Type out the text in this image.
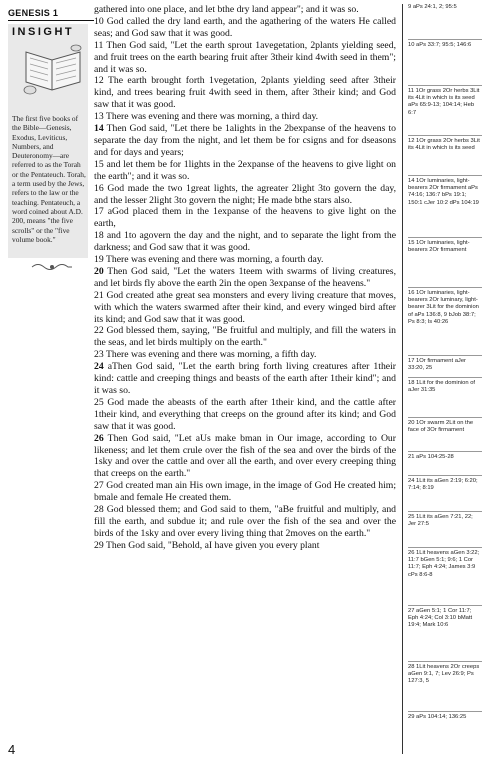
GENESIS 1
INSIGHT
The first five books of the Bible—Genesis, Exodus, Leviticus, Numbers, and Deuteronomy—are referred to as the Torah or the Pentateuch. Torah, a term used by the Jews, refers to the law or the teaching. Pentateuch, a word coined about A.D. 200, means "the five scrolls" or the "five volume book."

gathered into one place, and let bthe dry land appear"; and it was so.

10 God called the dry land earth, and the agathering of the waters He called seas; and God saw that it was good.

11 Then God said, "Let the earth sprout 1avegetation, 2plants yielding seed, and fruit trees on the earth bearing fruit after 3their kind 4with seed in them"; and it was so.

12 The earth brought forth 1vegetation, 2plants yielding seed after 3their kind, and trees bearing fruit 4with seed in them, after 3their kind; and God saw that it was good.

13 There was evening and there was morning, a third day.

14 Then God said, "Let there be 1alights in the 2bexpanse of the heavens to separate the day from the night, and let them be for csigns and for dseasons and for days and years;

15 and let them be for 1lights in the 2expanse of the heavens to give light on the earth"; and it was so.

16 God made the two 1great lights, the agreater 2light 3to govern the day, and the lesser 2light 3to govern the night; He made bthe stars also.

17 aGod placed them in the 1expanse of the heavens to give light on the earth,

18 and 1to agovern the day and the night, and to separate the light from the darkness; and God saw that it was good.

19 There was evening and there was morning, a fourth day.

20 Then God said, "Let the waters 1teem with swarms of living creatures, and let birds fly above the earth 2in the open 3expanse of the heavens."

21 God created athe great sea monsters and every living creature that moves, with which the waters swarmed after their kind, and every winged bird after its kind; and God saw that it was good.

22 God blessed them, saying, "Be fruitful and multiply, and fill the waters in the seas, and let birds multiply on the earth."

23 There was evening and there was morning, a fifth day.

24 aThen God said, "Let the earth bring forth living creatures after 1their kind: cattle and creeping things and beasts of the earth after 1their kind"; and it was so.

25 God made the abeasts of the earth after 1their kind, and the cattle after 1their kind, and everything that creeps on the ground after its kind; and God saw that it was good.

26 Then God said, "Let aUs make bman in Our image, according to Our likeness; and let them crule over the fish of the sea and over the birds of the 1sky and over the cattle and over all the earth, and over every creeping thing that creeps on the earth."

27 God created man ain His own image, in the image of God He created him; bmale and female He created them.

28 God blessed them; and God said to them, "aBe fruitful and multiply, and fill the earth, and subdue it; and rule over the fish of the sea and over the birds of the 1sky and over every living thing that 2moves on the earth."

29 Then God said, "Behold, aI have given you every plant

9 aPs 24:1, 2; 95:5
10 aPs 33:7; 95:5; 146:6
11 1Or grass 2Or herbs 3Lit its 4Lit in which is its seed aPs 65:9-13; 104:14; Heb 6:7
12 1Or grass 2Or herbs 3Lit its 4Lit in which is its seed
14 1Or luminaries, light-bearers 2Or firmament aPs 74:16; 136:7 bPs 19:1; 150:1 cJer 10:2 dPs 104:19
15 1Or luminaries, light-bearers 2Or firmament
16 1Or luminaries, light-bearers 2Or luminary, light-bearer 3Lit for the dominion of aPs 136:8, 9 bJob 38:7; Ps 8:3; Is 40:26
17 1Or firmament aJer 33:20, 25
18 1Lit for the dominion of aJer 31:35
20 1Or swarm 2Lit on the face of 3Or firmament
21 aPs 104:25-28
24 1Lit its aGen 2:19; 6:20; 7:14; 8:19
25 1Lit its aGen 7:21, 22; Jer 27:5
26 1Lit heavens aGen 3:22; 11:7 bGen 5:1; 9:6; 1 Cor 11:7; Eph 4:24; James 3:9 cPs 8:6-8
27 aGen 5:1; 1 Cor 11:7; Eph 4:24; Col 3:10 bMatt 19:4; Mark 10:6
28 1Lit heavens 2Or creeps aGen 9:1, 7; Lev 26:9; Ps 127:3, 5
29 aPs 104:14; 136:25
4
